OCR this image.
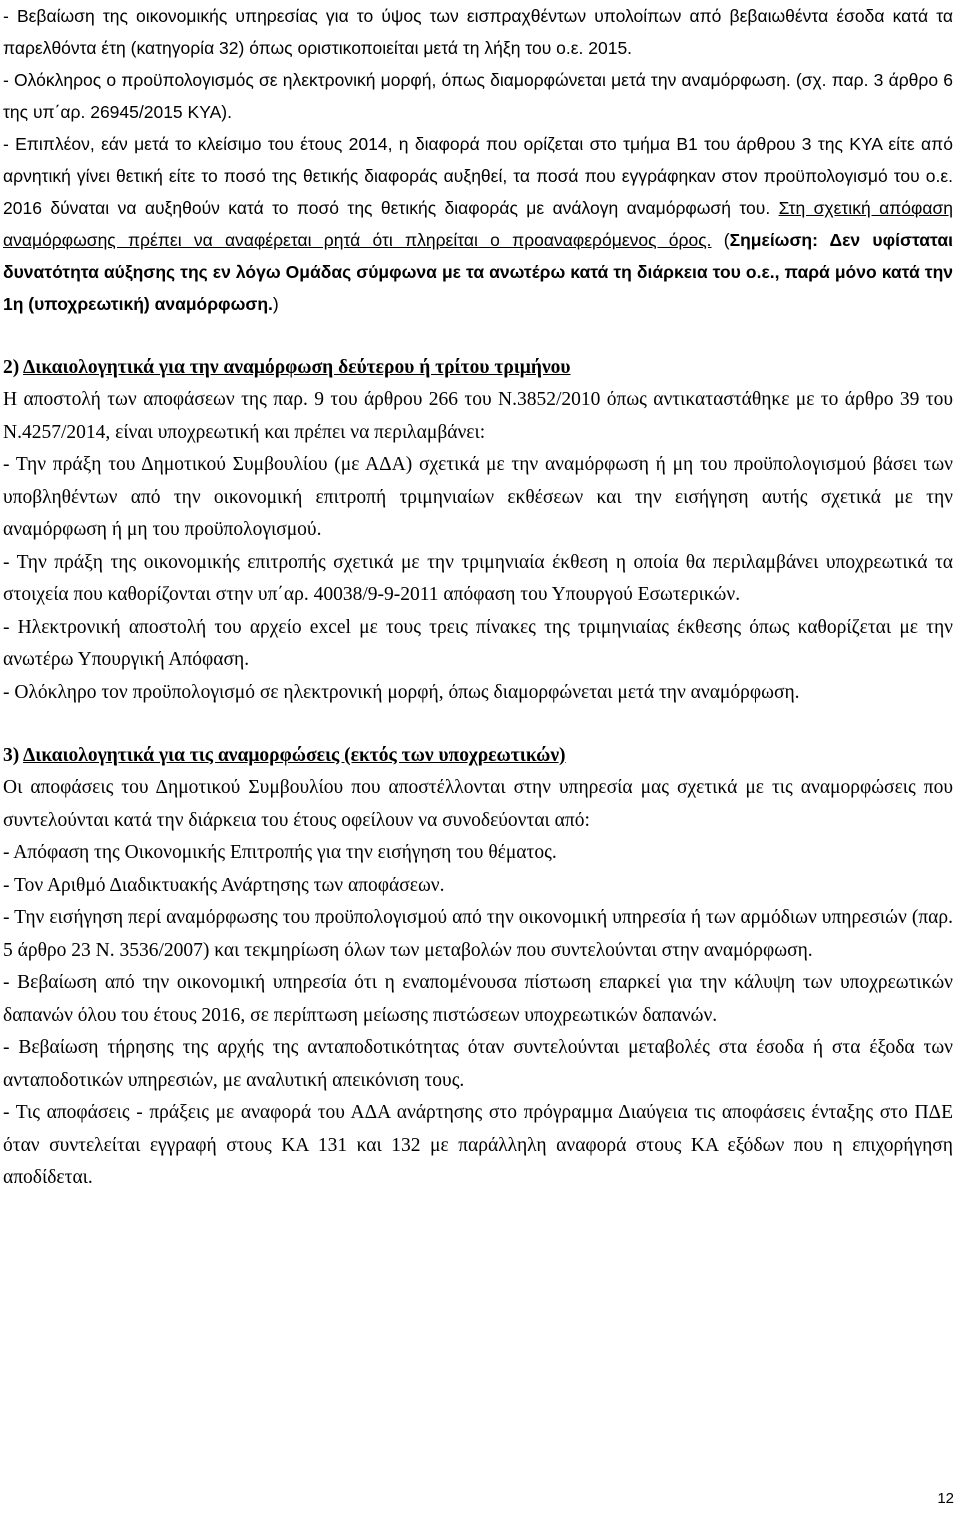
- Βεβαίωση της οικονομικής υπηρεσίας για το ύψος των εισπραχθέντων υπολοίπων από βεβαιωθέντα έσοδα κατά τα παρελθόντα έτη (κατηγορία 32) όπως οριστικοποιείται μετά τη λήξη του ο.ε. 2015.

- Ολόκληρος ο προϋπολογισμός σε ηλεκτρονική μορφή, όπως διαμορφώνεται μετά την αναμόρφωση. (σχ. παρ. 3 άρθρο 6 της υπ΄αρ. 26945/2015 ΚΥΑ).

- Επιπλέον, εάν μετά το κλείσιμο του έτους 2014, η διαφορά που ορίζεται στο τμήμα Β1 του άρθρου 3 της ΚΥΑ είτε από αρνητική γίνει θετική είτε το ποσό της θετικής διαφοράς αυξηθεί, τα ποσά που εγγράφηκαν στον προϋπολογισμό του ο.ε. 2016 δύναται να αυξηθούν κατά το ποσό της θετικής διαφοράς με ανάλογη αναμόρφωσή του. Στη σχετική απόφαση αναμόρφωσης πρέπει να αναφέρεται ρητά ότι πληρείται ο προαναφερόμενος όρος. (Σημείωση: Δεν υφίσταται δυνατότητα αύξησης της εν λόγω Ομάδας σύμφωνα με τα ανωτέρω κατά τη διάρκεια του ο.ε., παρά μόνο κατά την 1η (υποχρεωτική) αναμόρφωση.)

2) Δικαιολογητικά για την αναμόρφωση δεύτερου ή τρίτου τριμήνου

Η αποστολή των αποφάσεων της παρ. 9 του άρθρου 266 του Ν.3852/2010 όπως αντικαταστάθηκε με το άρθρο 39 του Ν.4257/2014, είναι υποχρεωτική και πρέπει να περιλαμβάνει:

- Την πράξη του Δημοτικού Συμβουλίου (με ΑΔΑ) σχετικά με την αναμόρφωση ή μη του προϋπολογισμού βάσει των υποβληθέντων από την οικονομική επιτροπή τριμηνιαίων εκθέσεων και την εισήγηση αυτής σχετικά με την αναμόρφωση ή μη του προϋπολογισμού.

- Την πράξη της οικονομικής επιτροπής σχετικά με την τριμηνιαία έκθεση η οποία θα περιλαμβάνει υποχρεωτικά τα στοιχεία που καθορίζονται στην υπ΄αρ. 40038/9-9-2011 απόφαση του Υπουργού Εσωτερικών.

- Ηλεκτρονική αποστολή του αρχείο excel με τους τρεις πίνακες της τριμηνιαίας έκθεσης όπως καθορίζεται με την ανωτέρω Υπουργική Απόφαση.

- Ολόκληρο τον προϋπολογισμό σε ηλεκτρονική μορφή, όπως διαμορφώνεται μετά την αναμόρφωση.

3) Δικαιολογητικά για τις αναμορφώσεις (εκτός των υποχρεωτικών)

Οι αποφάσεις του Δημοτικού Συμβουλίου που αποστέλλονται στην υπηρεσία μας σχετικά με τις αναμορφώσεις που συντελούνται κατά την διάρκεια του έτους οφείλουν να συνοδεύονται από:

- Απόφαση της Οικονομικής Επιτροπής για την εισήγηση του θέματος.

- Τον Αριθμό Διαδικτυακής Ανάρτησης των αποφάσεων.

- Την εισήγηση περί αναμόρφωσης του προϋπολογισμού από την οικονομική υπηρεσία ή των αρμόδιων υπηρεσιών (παρ. 5 άρθρο 23 Ν. 3536/2007) και τεκμηρίωση όλων των μεταβολών που συντελούνται στην αναμόρφωση.

- Βεβαίωση από την οικονομική υπηρεσία ότι η εναπομένουσα πίστωση επαρκεί για την κάλυψη των υποχρεωτικών δαπανών όλου του έτους 2016, σε περίπτωση μείωσης πιστώσεων υποχρεωτικών δαπανών.

- Βεβαίωση τήρησης της αρχής της ανταποδοτικότητας όταν συντελούνται μεταβολές στα έσοδα ή στα έξοδα των ανταποδοτικών υπηρεσιών, με αναλυτική απεικόνιση τους.

- Τις αποφάσεις - πράξεις με αναφορά του ΑΔΑ ανάρτησης στο πρόγραμμα Διαύγεια τις αποφάσεις ένταξης στο ΠΔΕ όταν συντελείται εγγραφή στους ΚΑ 131 και 132 με παράλληλη αναφορά στους ΚΑ εξόδων που η επιχορήγηση αποδίδεται.

12
